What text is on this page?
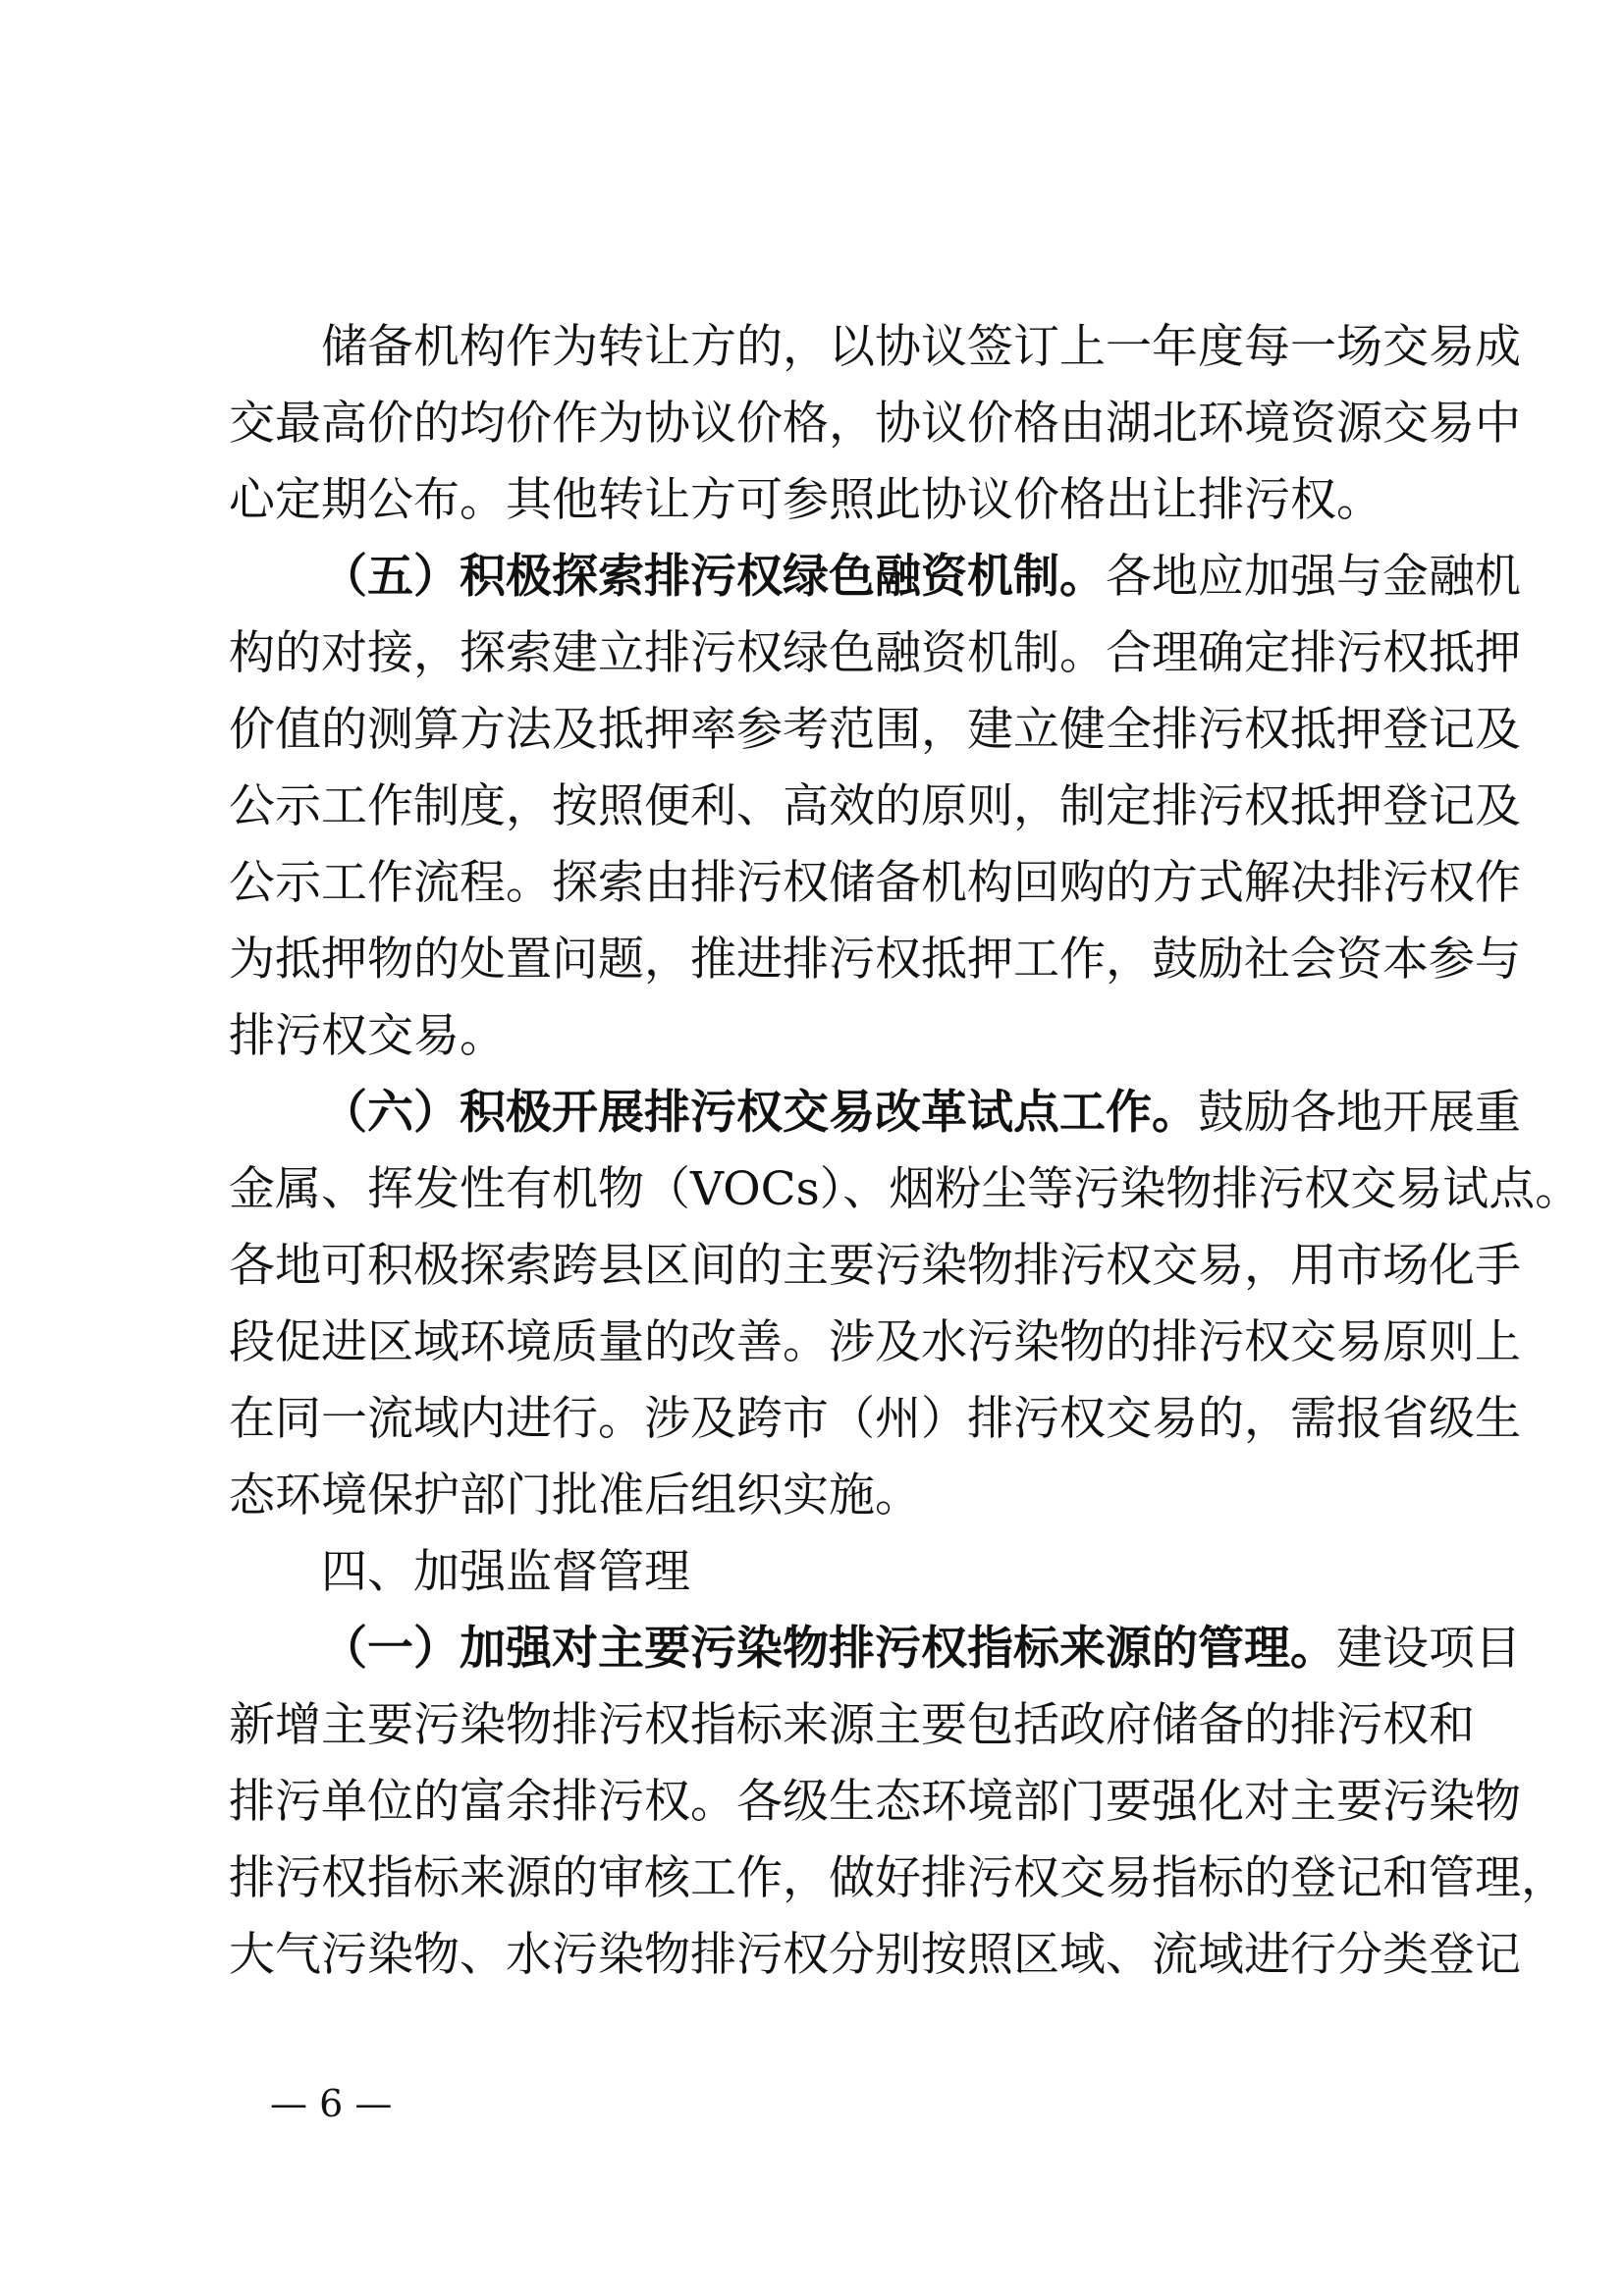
储备机构作为转让方的，以协议签订上一年度每一场交易成
交最高价的均价作为协议价格，协议价格由湖北环境资源交易中
心定期公布。其他转让方可参照此协议价格出让排污权。
（五）积极探索排污权绿色融资机制。各地应加强与金融机
构的对接，探索建立排污权绿色融资机制。合理确定排污权抵押
价值的测算方法及抵押率参考范围，建立健全排污权抵押登记及
公示工作制度，按照便利、高效的原则，制定排污权抵押登记及
公示工作流程。探索由排污权储备机构回购的方式解决排污权作
为抵押物的处置问题，推进排污权抵押工作，鼓励社会资本参与
排污权交易。
（六）积极开展排污权交易改革试点工作。鼓励各地开展重
金属、挥发性有机物（VOCs）、烟粉尘等污染物排污权交易试点。
各地可积极探索跨县区间的主要污染物排污权交易，用市场化手
段促进区域环境质量的改善。涉及水污染物的排污权交易原则上
在同一流域内进行。涉及跨市（州）排污权交易的，需报省级生
态环境保护部门批准后组织实施。
四、加强监督管理
（一）加强对主要污染物排污权指标来源的管理。建设项目
新增主要污染物排污权指标来源主要包括政府储备的排污权和
排污单位的富余排污权。各级生态环境部门要强化对主要污染物
排污权指标来源的审核工作，做好排污权交易指标的登记和管理，
大气污染物、水污染物排污权分别按照区域、流域进行分类登记
— 6 —
